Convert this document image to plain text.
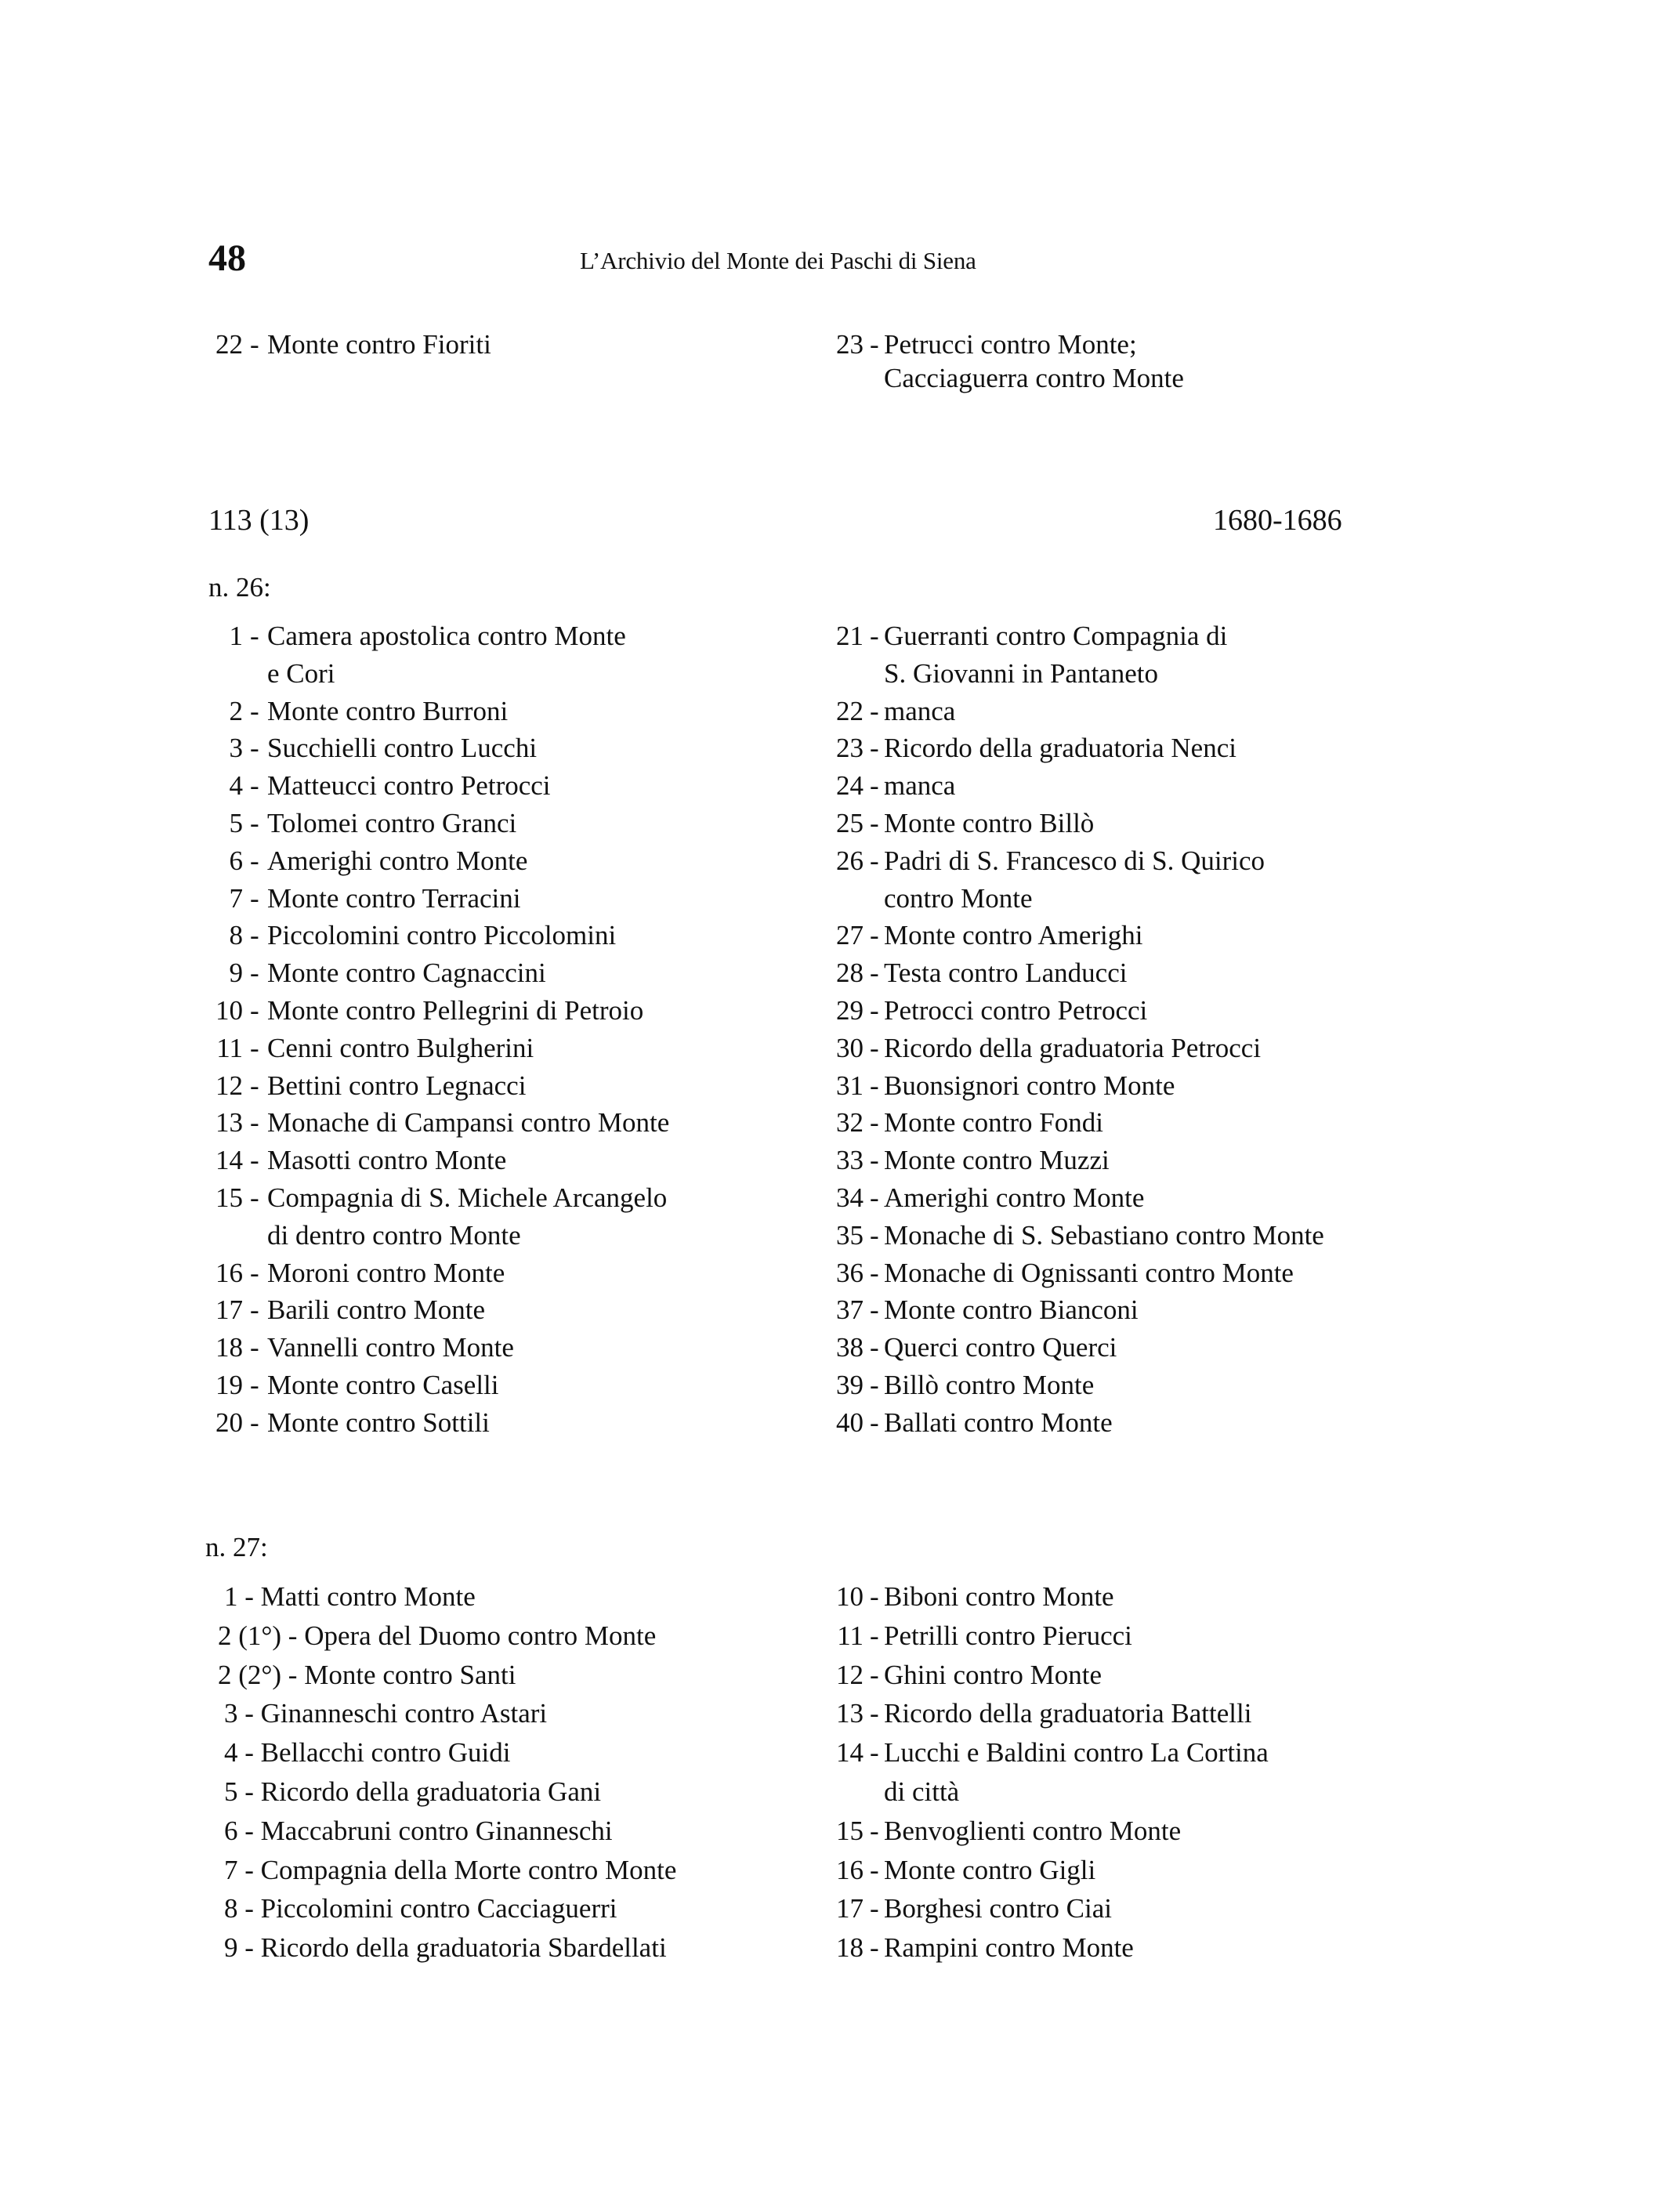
48	L’Archivio del Monte dei Paschi di Siena
22 - Monte contro Fioriti	23 - Petrucci contro Monte;
Cacciaguerra contro Monte
113 (13)	1680-1686
n. 26:
1 - Camera apostolica contro Monte
e Cori
2 - Monte contro Burroni
3 - Succhielli contro Lucchi
4 - Matteucci contro Petrocci
5 - Tolomei contro Granci
6 - Amerighi contro Monte
7 - Monte contro Terracini
8 - Piccolomini contro Piccolomini
9 - Monte contro Cagnaccini
10 - Monte contro Pellegrini di Petroio
11 - Cenni contro Bulgherini
12 - Bettini contro Legnacci
13 - Monache di Campansi contro Monte
14 - Masotti contro Monte
15 - Compagnia di S. Michele Arcangelo
di dentro contro Monte
16 - Moroni contro Monte
17 - Barili contro Monte
18 - Vannelli contro Monte
19 - Monte contro Caselli
20 - Monte contro Sottili
21 - Guerranti contro Compagnia di
S. Giovanni in Pantaneto
22 - manca
23 - Ricordo della graduatoria Nenci
24 - manca
25 - Monte contro Billò
26 - Padri di S. Francesco di S. Quirico
contro Monte
27 - Monte contro Amerighi
28 - Testa contro Landucci
29 - Petrocci contro Petrocci
30 - Ricordo della graduatoria Petrocci
31 - Buonsignori contro Monte
32 - Monte contro Fondi
33 - Monte contro Muzzi
34 - Amerighi contro Monte
35 - Monache di S. Sebastiano contro Monte
36 - Monache di Ognissanti contro Monte
37 - Monte contro Bianconi
38 - Querci contro Querci
39 - Billò contro Monte
40 - Ballati contro Monte
n. 27:
1 - Matti contro Monte
2 (1°) - Opera del Duomo contro Monte
2 (2°) - Monte contro Santi
3 - Ginanneschi contro Astari
4 - Bellacchi contro Guidi
5 - Ricordo della graduatoria Gani
6 - Maccabruni contro Ginanneschi
7 - Compagnia della Morte contro Monte
8 - Piccolomini contro Cacciaguerri
9 - Ricordo della graduatoria Sbardellati
10 - Biboni contro Monte
11 - Petrilli contro Pierucci
12 - Ghini contro Monte
13 - Ricordo della graduatoria Battelli
14 - Lucchi e Baldini contro La Cortina
di città
15 - Benvoglienti contro Monte
16 - Monte contro Gigli
17 - Borghesi contro Ciai
18 - Rampini contro Monte
